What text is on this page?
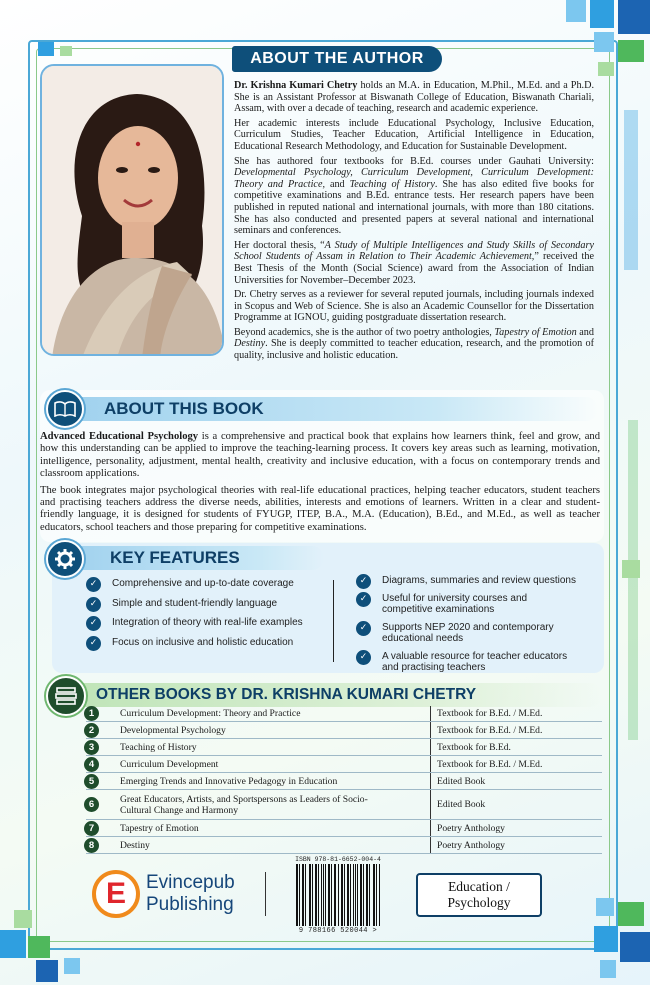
ABOUT THE AUTHOR

Dr. Krishna Kumari Chetry holds an M.A. in Education, M.Phil., M.Ed. and a Ph.D. She is an Assistant Professor at Biswanath College of Education, Biswanath Chariali, Assam, with over a decade of teaching, research and academic experience.

Her academic interests include Educational Psychology, Inclusive Education, Curriculum Studies, Teacher Education, Artificial Intelligence in Education, Educational Research Methodology, and Education for Sustainable Development.

She has authored four textbooks for B.Ed. courses under Gauhati University: Developmental Psychology, Curriculum Development, Curriculum Development: Theory and Practice, and Teaching of History. She has also edited five books for competitive examinations and B.Ed. entrance tests. Her research papers have been published in reputed national and international journals, with more than 180 citations. She has also conducted and presented papers at several national and international seminars and conferences.

Her doctoral thesis, “A Study of Multiple Intelligences and Study Skills of Secondary School Students of Assam in Relation to Their Academic Achievement,” received the Best Thesis of the Month (Social Science) award from the Association of Indian Universities for November–December 2023.

Dr. Chetry serves as a reviewer for several reputed journals, including journals indexed in Scopus and Web of Science. She is also an Academic Counsellor for the Dissertation Programme at IGNOU, guiding postgraduate dissertation research.

Beyond academics, she is the author of two poetry anthologies, Tapestry of Emotion and Destiny. She is deeply committed to teacher education, research, and the promotion of quality, inclusive and holistic education.

ABOUT THIS BOOK

Advanced Educational Psychology is a comprehensive and practical book that explains how learners think, feel and grow, and how this understanding can be applied to improve the teaching-learning process. It covers key areas such as learning, motivation, intelligence, personality, adjustment, mental health, creativity and inclusive education, with a focus on contemporary trends and classroom applications.

The book integrates major psychological theories with real-life educational practices, helping teacher educators, student teachers and practising teachers address the diverse needs, abilities, interests and emotions of learners. Written in a clear and student-friendly language, it is designed for students of FYUGP, ITEP, B.A., M.A. (Education), B.Ed., and M.Ed., as well as teacher educators, school teachers and those preparing for competitive examinations.

KEY FEATURES
✓	Comprehensive and up-to-date coverage
✓	Simple and student-friendly language
✓	Integration of theory with real-life examples
✓	Focus on inclusive and holistic education
✓	Diagrams, summaries and review questions
✓	Useful for university courses and competitive examinations
✓	Supports NEP 2020 and contemporary educational needs
✓	A valuable resource for teacher educators and practising teachers
OTHER BOOKS BY DR. KRISHNA KUMARI CHETRY
1	Curriculum Development: Theory and Practice	Textbook for B.Ed. / M.Ed.
2	Developmental Psychology	Textbook for B.Ed. / M.Ed.
3	Teaching of History	Textbook for B.Ed.
4	Curriculum Development	Textbook for B.Ed. / M.Ed.
5	Emerging Trends and Innovative Pedagogy in Education	Edited Book
6	Great Educators, Artists, and Sportspersons as Leaders of Socio-Cultural Change and Harmony	Edited Book
7	Tapestry of Emotion	Poetry Anthology
8	Destiny	Poetry Anthology
E Evincepub
Publishing
ISBN 978-81-6652-004-4
9 788166 520044 >
Education /
Psychology
